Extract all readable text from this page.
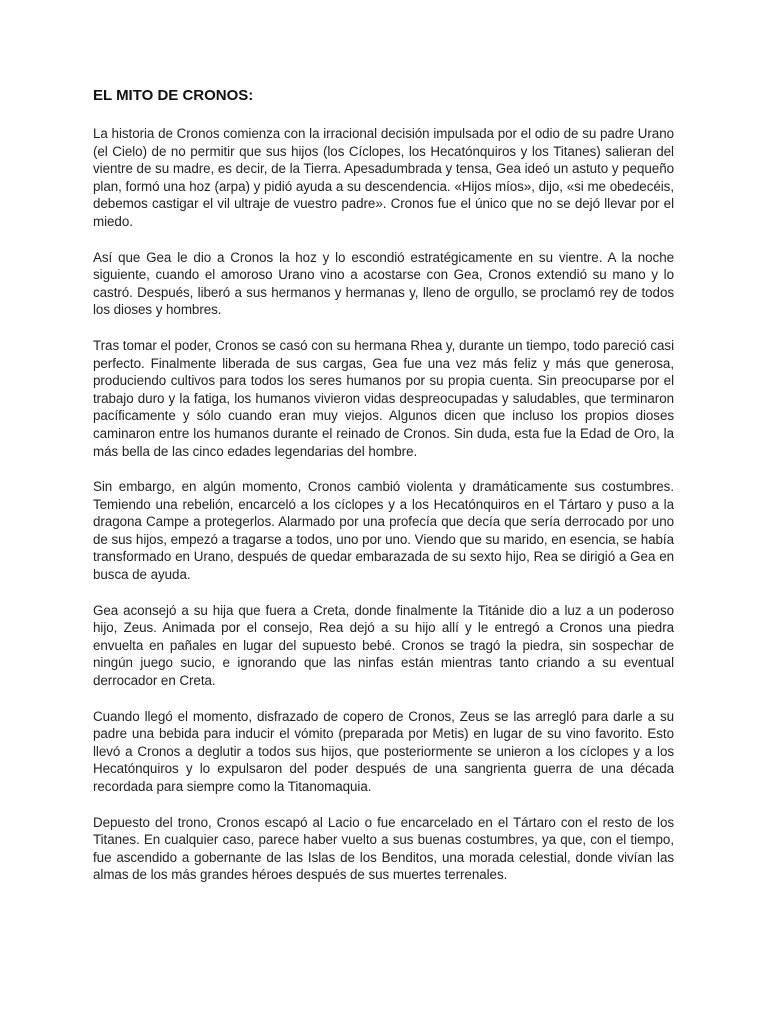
EL MITO DE CRONOS:

La historia de Cronos comienza con la irracional decisión impulsada por el odio de su padre Urano (el Cielo) de no permitir que sus hijos (los Cíclopes, los Hecatónquiros y los Titanes) salieran del vientre de su madre, es decir, de la Tierra. Apesadumbrada y tensa, Gea ideó un astuto y pequeño plan, formó una hoz (arpa) y pidió ayuda a su descendencia. «Hijos míos», dijo, «si me obedecéis, debemos castigar el vil ultraje de vuestro padre». Cronos fue el único que no se dejó llevar por el miedo.

Así que Gea le dio a Cronos la hoz y lo escondió estratégicamente en su vientre. A la noche siguiente, cuando el amoroso Urano vino a acostarse con Gea, Cronos extendió su mano y lo castró. Después, liberó a sus hermanos y hermanas y, lleno de orgullo, se proclamó rey de todos los dioses y hombres.

Tras tomar el poder, Cronos se casó con su hermana Rhea y, durante un tiempo, todo pareció casi perfecto. Finalmente liberada de sus cargas, Gea fue una vez más feliz y más que generosa, produciendo cultivos para todos los seres humanos por su propia cuenta. Sin preocuparse por el trabajo duro y la fatiga, los humanos vivieron vidas despreocupadas y saludables, que terminaron pacíficamente y sólo cuando eran muy viejos. Algunos dicen que incluso los propios dioses caminaron entre los humanos durante el reinado de Cronos. Sin duda, esta fue la Edad de Oro, la más bella de las cinco edades legendarias del hombre.

Sin embargo, en algún momento, Cronos cambió violenta y dramáticamente sus costumbres. Temiendo una rebelión, encarceló a los cíclopes y a los Hecatónquiros en el Tártaro y puso a la dragona Campe a protegerlos. Alarmado por una profecía que decía que sería derrocado por uno de sus hijos, empezó a tragarse a todos, uno por uno. Viendo que su marido, en esencia, se había transformado en Urano, después de quedar embarazada de su sexto hijo, Rea se dirigió a Gea en busca de ayuda.

Gea aconsejó a su hija que fuera a Creta, donde finalmente la Titánide dio a luz a un poderoso hijo, Zeus. Animada por el consejo, Rea dejó a su hijo allí y le entregó a Cronos una piedra envuelta en pañales en lugar del supuesto bebé. Cronos se tragó la piedra, sin sospechar de ningún juego sucio, e ignorando que las ninfas están mientras tanto criando a su eventual derrocador en Creta.

Cuando llegó el momento, disfrazado de copero de Cronos, Zeus se las arregló para darle a su padre una bebida para inducir el vómito (preparada por Metis) en lugar de su vino favorito. Esto llevó a Cronos a deglutir a todos sus hijos, que posteriormente se unieron a los cíclopes y a los Hecatónquiros y lo expulsaron del poder después de una sangrienta guerra de una década recordada para siempre como la Titanomaquia.

Depuesto del trono, Cronos escapó al Lacio o fue encarcelado en el Tártaro con el resto de los Titanes. En cualquier caso, parece haber vuelto a sus buenas costumbres, ya que, con el tiempo, fue ascendido a gobernante de las Islas de los Benditos, una morada celestial, donde vivían las almas de los más grandes héroes después de sus muertes terrenales.
